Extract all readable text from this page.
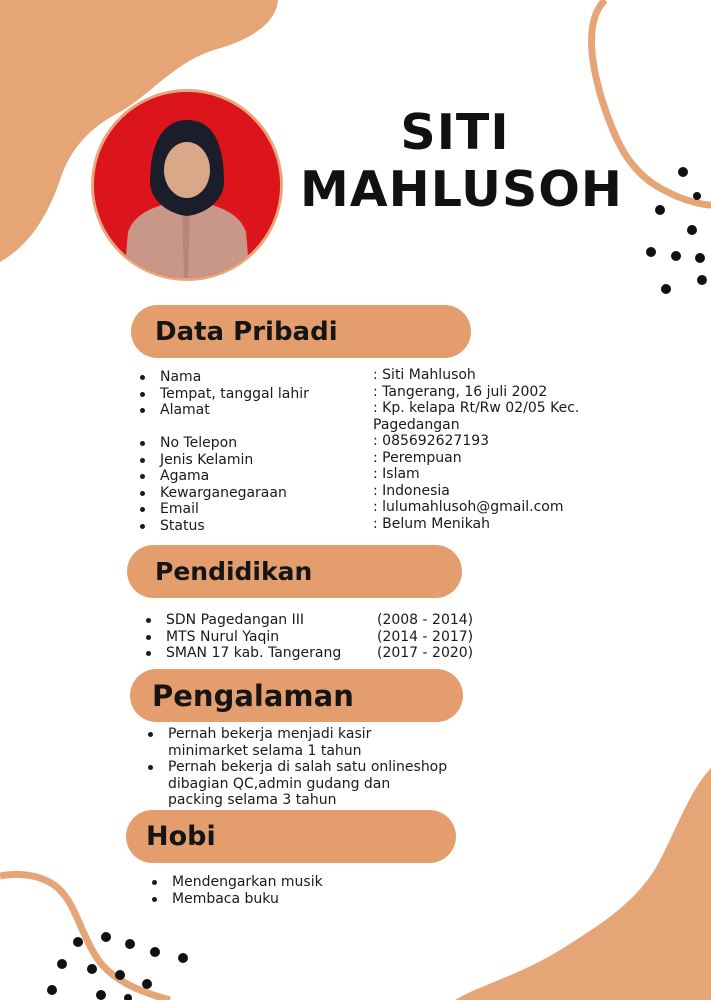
SITI
MAHLUSOH
Data Pribadi
Nama
Tempat, tanggal lahir
Alamat
No Telepon
Jenis Kelamin
Agama
Kewarganegaraan
Email
Status
: Siti Mahlusoh
: Tangerang, 16 juli 2002
: Kp. kelapa Rt/Rw 02/05 Kec.
Pagedangan
: 085692627193
: Perempuan
: Islam
: Indonesia
: lulumahlusoh@gmail.com
: Belum Menikah
Pendidikan
SDN Pagedangan III
MTS Nurul Yaqin
SMAN 17 kab. Tangerang
(2008 - 2014)
(2014 - 2017)
(2017 - 2020)
Pengalaman
Pernah bekerja menjadi kasir minimarket selama 1 tahun
Pernah bekerja di salah satu onlineshop dibagian QC,admin gudang dan packing selama 3 tahun
Hobi
Mendengarkan musik
Membaca buku
